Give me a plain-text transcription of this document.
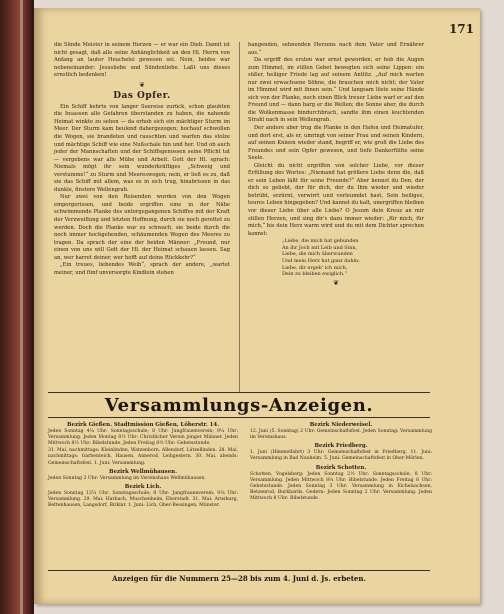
171

die Sünde Meister in seinem Herzen — er war ein Dieb. Damit ist nicht gesagt, daß alle seine Anhänglichkeit an den Hl. Herrn von Anfang an lauter Heuchelei gewesen sei. Nein, beides war nebeneinander: Jesusliebe und Sündenliebe. Laßt uns dieses ernstlich bedenken!

❦
Das Opfer.

Ein Schiff kehrte von langer Seereise zurück, schon glaubten die Insassen alle Gefahren überstanden zu haben, die nahende Heimat winkte zu sehen — da erhob sich ein mächtiger Sturm im Meer. Der Sturm kam heulend dahergezogen; hochauf schwollen die Wogen, sie brandeten und rauschten und warfen das stolze und mächtige Schiff wie eine Nußschale hin und her. Und ob auch jeder der Mannschaften und der Schiffsgenossen seine Pflicht tat — vergebens war alle Mühe und Arbeit. Gott der Hl. sprach: Niemals mögt ihr sein wunderkräftiges „Schweig und verstumme!“ zu Sturm und Meereswogen; nein, er ließ es zu, daß sie das Schiff mit allem, was es in sich trug, hinabrissen in das dunkle, finstere Wellengrab.

Nur zwei von den Reisenden wurden von den Wogen emporgerissen, und beide ergriffen eine in der Nähe schwimmende Planke des untergegangenen Schiffes mit der Kraft der Verzweiflung und letzten Hoffnung, durch sie noch gerettet zu werden. Doch die Planke war zu schwach, sie beide durch die noch immer hochgehenden, schäumenden Wogen des Meeres zu tragen. Da sprach der eine der beiden Männer: „Freund, nur einen von uns will Gott der Hl. der Heimat schauen lassen. Sag an, wer harret deiner, wer hofft auf deine Rückkehr?“

„Ein treues, liebendes Weib“, sprach der andere, „wartet meiner, und fünf unversorgte Kindlein stehen

bangenden, sehnenden Herzens nach dem Vater und Ernährer aus.“

Da ergriff des ersten war ernst geworden; er hob die Augen zum Himmel, im stillen Gebet bewegten sich seine Lippen: ein süßer, heiliger Friede lag auf seinem Antlitz. „Auf mich warten nur zwei erwachsene Söhne, die brauchen mich nicht; der Vater im Himmel wird mit ihnen sein.“ Und langsam löste seine Hände sich von der Planke, noch einen Blick treuer Liebe warf er auf den Freund und — dann barg er die Wellen; die Sonne aber, die durch die Wolkenmasse hindurchbrach, sandte ihm einen leuchtenden Strahl nach in sein Wellengrab.

Der andere aber trug die Planke in den Hafen und Heimatufer, und dort erst, als er, umringt von seiner Frau und seinen Kindern, auf seinen Knieen wieder stand, begriff er, wie groß die Liebe des Freundes und sein Opfer gewesen, und tiefe Dankerfüllte seine Seele.

Gleicht du nicht ergriffen von solcher Liebe, vor dieser Erfüllung des Wortes: „Niemand hat größere Liebe denn die, daß er sein Leben läßt für seine Freunde?“ Aber kennst du Den, der dich so geliebt, der für dich, der du Ihm wieder und wieder betrübt, erzürnt, verwirrt und verleumdet hast, Sein heiliges, teures Leben hingegeben? Und kannst du kalt, unergriffen bleiben vor dieser Liebe über alle Liebe? O Jesum dein Kreuz an mir stillen Herzen, und sing dir's dazu immer wieder: „für mich, für mich,“ bis dein Herz warm wird und du mit dem Dichter sprechen kannst:

„Liebe, die mich hat gebunden
An ihr Joch mit Leib und Sinn,
Liebe, die mich überwunden
Und mein Herz hat ganz dahin;
Liebe, dir ergeb' ich mich,
Dein zu bleiben ewiglich.“
❦
Versammlungs-Anzeigen.
Bezirk Gießen. Stadtmission Gießen, Löberstr. 14.

Jeden Sonntag 4¼ Uhr: Sonntagsschule; 8 Uhr: Jungfrauenverein; 9¼ Uhr: Versammlung. Jeden Montag 8½ Uhr: Christlicher Verein junger Männer. Jeden Mittwoch 8½ Uhr: Bibelstunde. Jeden Freitag 8½ Uhr: Gebetsstunde.

31. Mai, nachmittags: Kleinlinden, Watzenborn, Allendorf, Lützellinden. 28. Mai, nachmittags: Garbenteich, Hausen, Annerod, Leihgestern. 30. Mai, abends: Gemeinschaftsfest. 1. Juni: Versammlung.

Bezirk Wellmühausen.

Jeden Sonntag 2 Uhr: Versammlung im Vereinshaus Wellmühausen.

Bezirk Lich.

Jeden Sonntag 12¼ Uhr: Sonntagsschule; 8 Uhr: Jungfrauenverein; 9¼ Uhr: Versammlung. 29. Mai: Harbach, Muschenheim, Eberstadt. 31. Mai: Arnsburg, Bettenhausen, Langsdorf, Birklar. 1. Juni: Lich, Ober-Bessingen, Münster.

Bezirk Niederweisel.

12. Juni (5. Sonntag) 2 Uhr: Gemeinschaftsfest. Jeden Sonntag: Versammlung im Vereinshaus.

Bezirk Friedberg.

1. Juni (Himmelfahrt) 3 Uhr: Gemeinschaftsfest in Friedberg. 11. Juni: Versammlung in Bad Nauheim. 5. Juni: Gemeinschaftsfest in Ober-Mörlen.

Bezirk Schotten.

Schotten, Vogelsberg: Jeden Sonntag 2½ Uhr: Sonntagsschule; 8 Uhr: Versammlung. Jeden Mittwoch 8¼ Uhr: Bibelstunde. Jeden Freitag 8 Uhr: Gebetsstunde. Jeden Sonntag 3 Uhr: Versammlung in Eichelsachsen, Betzenrod, Burkhards. Gedern: Jeden Sonntag 2 Uhr: Versammlung. Jeden Mittwoch 8 Uhr: Bibelstunde.

Anzeigen für die Nummern 25—28 bis zum 4. Juni d. Js. erbeten.
